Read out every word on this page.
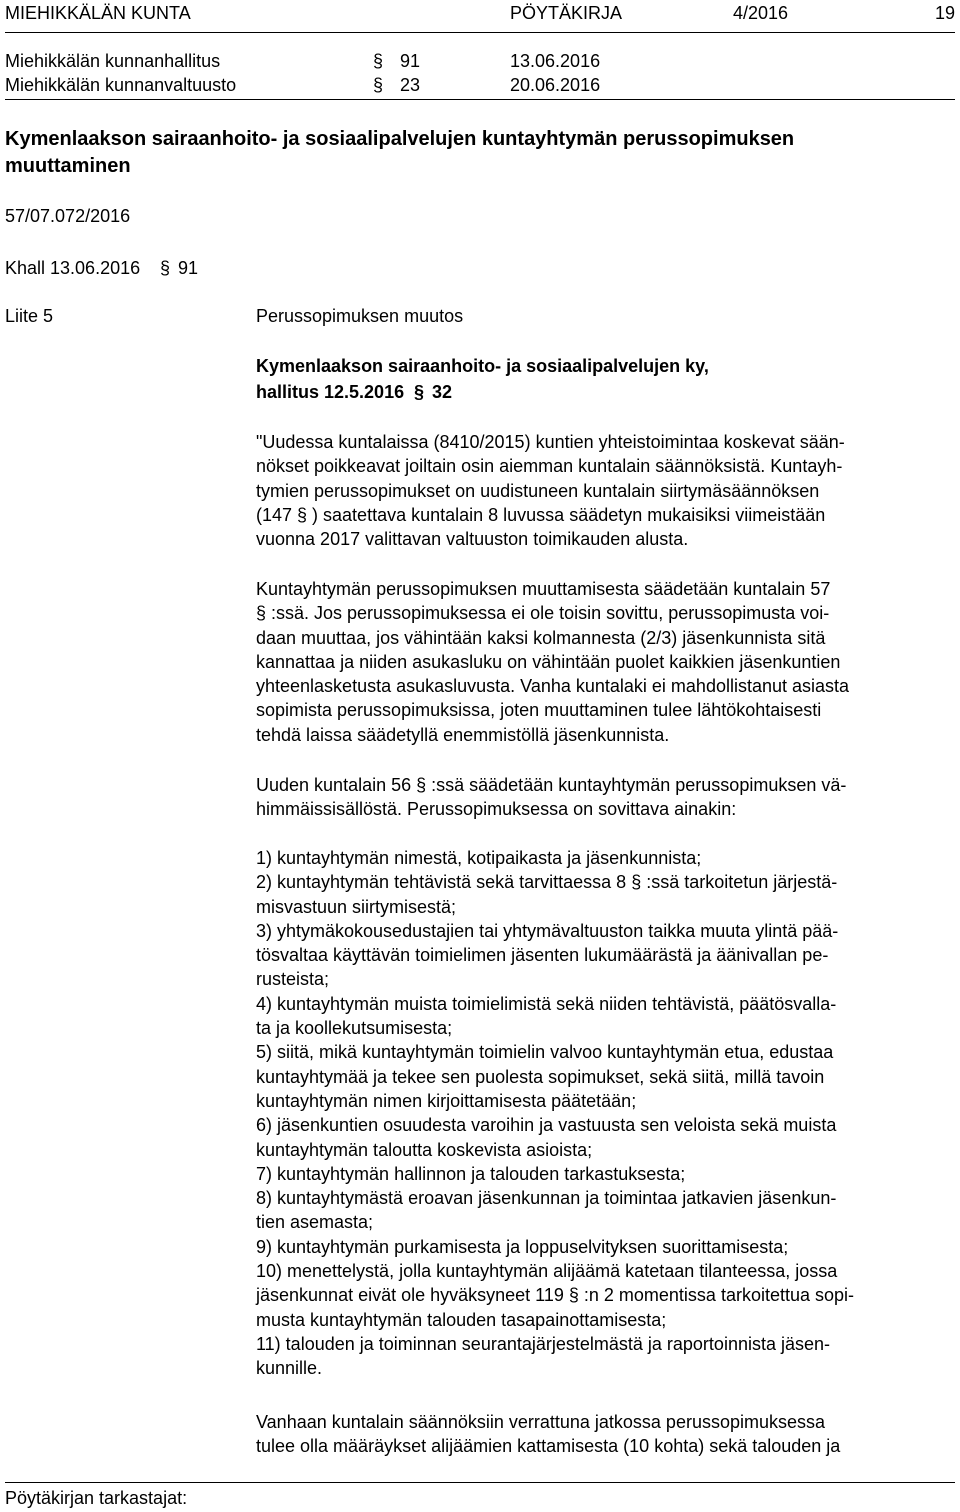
MIEHIKKÄLÄN KUNTA	PÖYTÄKIRJA	4/2016	19
Miehikkälän kunnanhallitus	§ 91	13.06.2016
Miehikkälän kunnanvaltuusto	§ 23	20.06.2016
Kymenlaakson sairaanhoito- ja sosiaalipalvelujen kuntayhtymän perussopimuksen
muuttaminen
57/07.072/2016
Khall 13.06.2016 § 91
Liite 5	Perussopimuksen muutos
Kymenlaakson sairaanhoito- ja sosiaalipalvelujen ky,
hallitus 12.5.2016 § 32
"Uudessa kuntalaissa (8410/2015) kuntien yhteistoimintaa koskevat sään-
nökset poikkeavat joiltain osin aiemman kuntalain säännöksistä. Kuntayh-
tymien perussopimukset on uudistuneen kuntalain siirtymäsäännöksen
(147 § ) saatettava kuntalain 8 luvussa säädetyn mukaisiksi viimeistään
vuonna 2017 valittavan valtuuston toimikauden alusta.
Kuntayhtymän perussopimuksen muuttamisesta säädetään kuntalain 57
§ :ssä. Jos perussopimuksessa ei ole toisin sovittu, perussopimusta voi-
daan muuttaa, jos vähintään kaksi kolmannesta (2/3) jäsenkunnista sitä
kannattaa ja niiden asukasluku on vähintään puolet kaikkien jäsenkuntien
yhteenlasketusta asukasluvusta. Vanha kuntalaki ei mahdollistanut asiasta
sopimista perussopimuksissa, joten muuttaminen tulee lähtökohtaisesti
tehdä laissa säädetyllä enemmistöllä jäsenkunnista.
Uuden kuntalain 56 § :ssä säädetään kuntayhtymän perussopimuksen vä-
himmäissisällöstä. Perussopimuksessa on sovittava ainakin:
1) kuntayhtymän nimestä, kotipaikasta ja jäsenkunnista;
2) kuntayhtymän tehtävistä sekä tarvittaessa 8 § :ssä tarkoitetun järjestä-
misvastuun siirtymisestä;
3) yhtymäkokousedustajien tai yhtymävaltuuston taikka muuta ylintä pää-
tösvaltaa käyttävän toimielimen jäsenten lukumäärästä ja äänivallan pe-
rusteista;
4) kuntayhtymän muista toimielimistä sekä niiden tehtävistä, päätösvalla-
ta ja koollekutsumisesta;
5) siitä, mikä kuntayhtymän toimielin valvoo kuntayhtymän etua, edustaa
kuntayhtymää ja tekee sen puolesta sopimukset, sekä siitä, millä tavoin
kuntayhtymän nimen kirjoittamisesta päätetään;
6) jäsenkuntien osuudesta varoihin ja vastuusta sen veloista sekä muista
kuntayhtymän taloutta koskevista asioista;
7) kuntayhtymän hallinnon ja talouden tarkastuksesta;
8) kuntayhtymästä eroavan jäsenkunnan ja toimintaa jatkavien jäsenkun-
tien asemasta;
9) kuntayhtymän purkamisesta ja loppuselvityksen suorittamisesta;
10) menettelystä, jolla kuntayhtymän alijäämä katetaan tilanteessa, jossa
jäsenkunnat eivät ole hyväksyneet 119 § :n 2 momentissa tarkoitettua sopi-
musta kuntayhtymän talouden tasapainottamisesta;
11) talouden ja toiminnan seurantajärjestelmästä ja raportoinnista jäsen-
kunnille.
Vanhaan kuntalain säännöksiin verrattuna jatkossa perussopimuksessa
tulee olla määräykset alijäämien kattamisesta (10 kohta) sekä talouden ja
Pöytäkirjan tarkastajat:
